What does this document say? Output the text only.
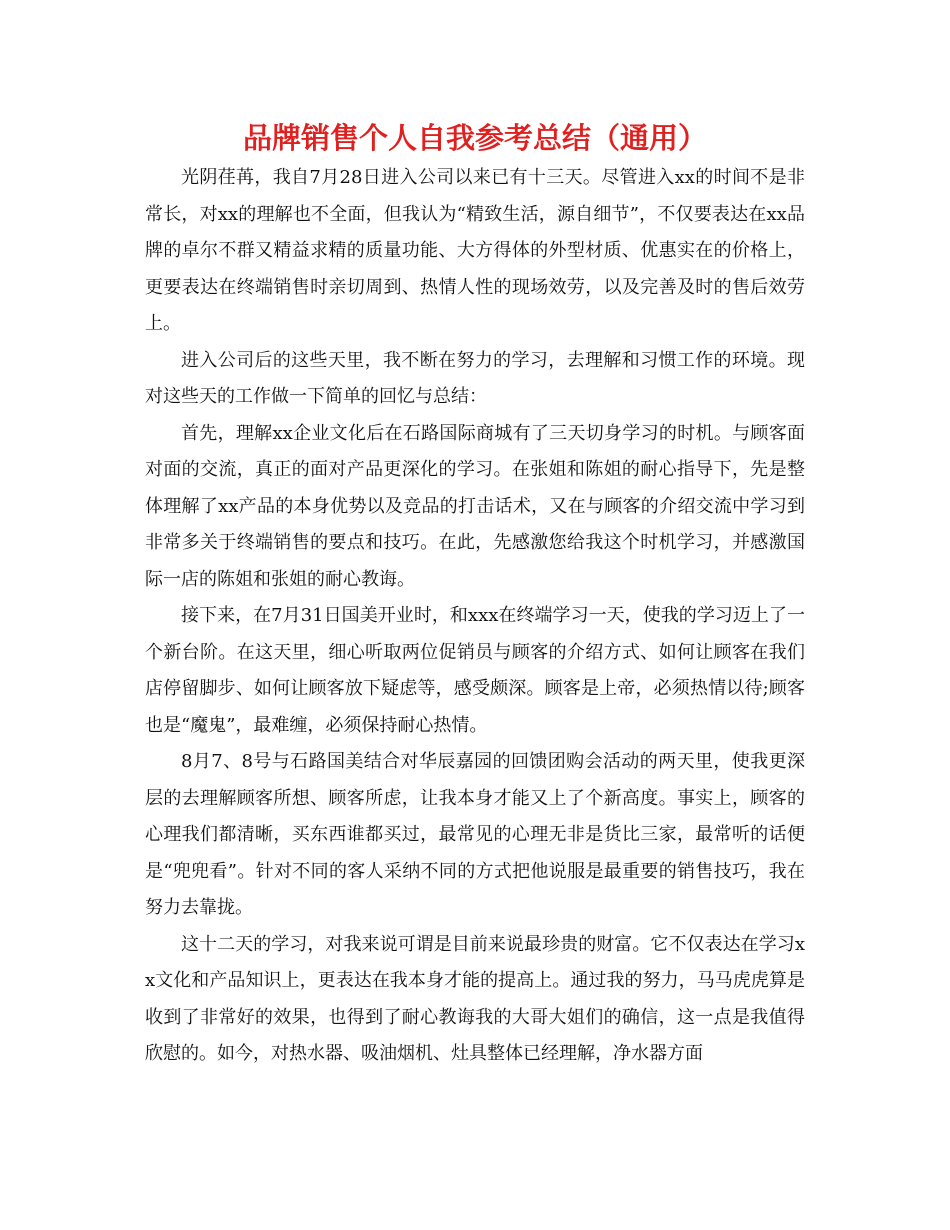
品牌销售个人自我参考总结（通用）

光阴荏苒，我自7月28日进入公司以来已有十三天。尽管进入xx的时间不是非常长，对xx的理解也不全面，但我认为“精致生活，源自细节”，不仅要表达在xx品牌的卓尔不群又精益求精的质量功能、大方得体的外型材质、优惠实在的价格上，更要表达在终端销售时亲切周到、热情人性的现场效劳，以及完善及时的售后效劳上。

进入公司后的这些天里，我不断在努力的学习，去理解和习惯工作的环境。现对这些天的工作做一下简单的回忆与总结：

首先，理解xx企业文化后在石路国际商城有了三天切身学习的时机。与顾客面对面的交流，真正的面对产品更深化的学习。在张姐和陈姐的耐心指导下，先是整体理解了xx产品的本身优势以及竞品的打击话术，又在与顾客的介绍交流中学习到非常多关于终端销售的要点和技巧。在此，先感激您给我这个时机学习，并感激国际一店的陈姐和张姐的耐心教诲。

接下来，在7月31日国美开业时，和xxx在终端学习一天，使我的学习迈上了一个新台阶。在这天里，细心听取两位促销员与顾客的介绍方式、如何让顾客在我们店停留脚步、如何让顾客放下疑虑等，感受颇深。顾客是上帝，必须热情以待;顾客也是“魔鬼”，最难缠，必须保持耐心热情。

8月7、8号与石路国美结合对华辰嘉园的回馈团购会活动的两天里，使我更深层的去理解顾客所想、顾客所虑，让我本身才能又上了个新高度。事实上，顾客的心理我们都清晰，买东西谁都买过，最常见的心理无非是货比三家，最常听的话便是“兜兜看”。针对不同的客人采纳不同的方式把他说服是最重要的销售技巧，我在努力去靠拢。

这十二天的学习，对我来说可谓是目前来说最珍贵的财富。它不仅表达在学习xx文化和产品知识上，更表达在我本身才能的提高上。通过我的努力，马马虎虎算是收到了非常好的效果，也得到了耐心教诲我的大哥大姐们的确信，这一点是我值得欣慰的。如今，对热水器、吸油烟机、灶具整体已经理解，净水器方面
